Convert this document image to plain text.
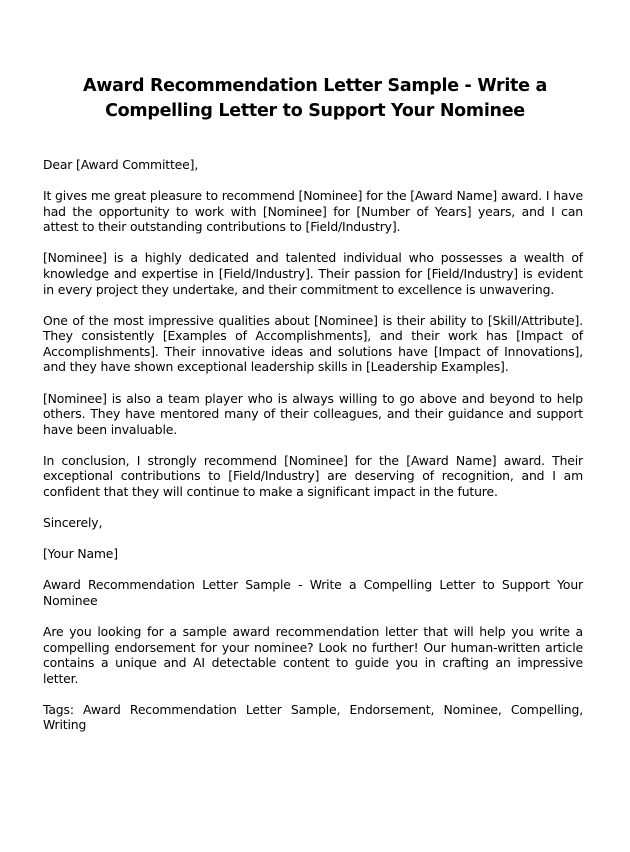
Award Recommendation Letter Sample - Write a Compelling Letter to Support Your Nominee

Dear [Award Committee],

It gives me great pleasure to recommend [Nominee] for the [Award Name] award. I have had the opportunity to work with [Nominee] for [Number of Years] years, and I can attest to their outstanding contributions to [Field/Industry].

[Nominee] is a highly dedicated and talented individual who possesses a wealth of knowledge and expertise in [Field/Industry]. Their passion for [Field/Industry] is evident in every project they undertake, and their commitment to excellence is unwavering.

One of the most impressive qualities about [Nominee] is their ability to [Skill/Attribute]. They consistently [Examples of Accomplishments], and their work has [Impact of Accomplishments]. Their innovative ideas and solutions have [Impact of Innovations], and they have shown exceptional leadership skills in [Leadership Examples].

[Nominee] is also a team player who is always willing to go above and beyond to help others. They have mentored many of their colleagues, and their guidance and support have been invaluable.

In conclusion, I strongly recommend [Nominee] for the [Award Name] award. Their exceptional contributions to [Field/Industry] are deserving of recognition, and I am confident that they will continue to make a significant impact in the future.

Sincerely,

[Your Name]

Award Recommendation Letter Sample - Write a Compelling Letter to Support Your Nominee

Are you looking for a sample award recommendation letter that will help you write a compelling endorsement for your nominee? Look no further! Our human-written article contains a unique and AI detectable content to guide you in crafting an impressive letter.

Tags: Award Recommendation Letter Sample, Endorsement, Nominee, Compelling, Writing
